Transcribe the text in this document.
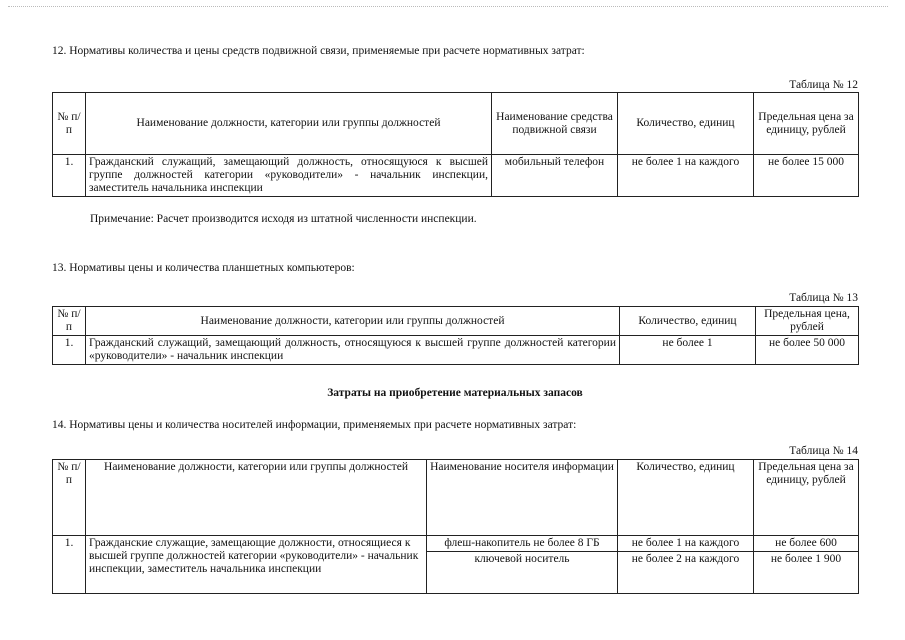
12. Нормативы количества и цены средств подвижной связи, применяемые при расчете нормативных затрат:
Таблица № 12
№ п/п	Наименование должности, категории или группы должностей	Наименование средства подвижной связи	Количество, единиц	Предельная цена за единицу, рублей
1.	Гражданский служащий, замещающий должность, относящуюся к высшей группе должностей категории «руководители» - начальник инспекции, заместитель начальника инспекции	мобильный телефон	не более 1 на каждого	не более 15 000
Примечание: Расчет производится исходя из штатной численности инспекции.
13. Нормативы цены и количества планшетных компьютеров:
Таблица № 13
№ п/п	Наименование должности, категории или группы должностей	Количество, единиц	Предельная цена, рублей
1.	Гражданский служащий, замещающий должность, относящуюся к высшей группе должностей категории «руководители» - начальник инспекции	не более 1	не более 50 000
Затраты на приобретение материальных запасов
14. Нормативы цены и количества носителей информации, применяемых при расчете нормативных затрат:
Таблица № 14
№ п/п	Наименование должности, категории или группы должностей	Наименование носителя информации	Количество, единиц	Предельная цена за единицу, рублей
1.	Гражданские служащие, замещающие должности, относящиеся к высшей группе должностей категории «руководители» - начальник инспекции, заместитель начальника инспекции	флеш-накопитель не более 8 ГБ	не более 1 на каждого	не более 600
		ключевой носитель	не более 2 на каждого	не более 1 900
